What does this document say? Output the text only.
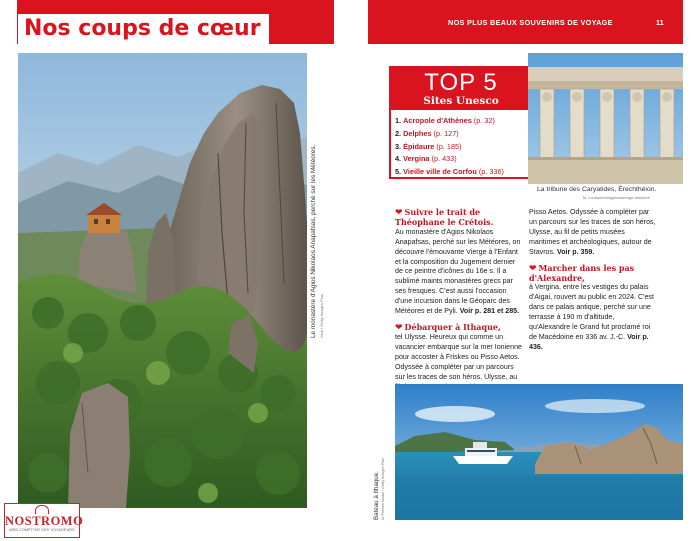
Nos coups de cœur
Le monastère d'Agios Nikolaos Anapafsas, perché sur les Météores. Nick / Getty Images Plus
NOSTROMO
WEB COMPTOIR DES VOYAGEURS
NOS PLUS BEAUX SOUVENIRS DE VOYAGE	11
TOP 5
Sites Unesco
1. Acropole d'Athènes (p. 32)
2. Delphes (p. 127)
3. Épidaure (p. 185)
4. Vergina (p. 433)
5. Vieille ville de Corfou (p. 336)
La tribune des Caryatides, Érechthéion.
M. Lomanov/Imagebroker/age fotostock
❤ Suivre le trait de Théophane le Crétois.
Au monastère d'Agios Nikolaos Anapafsas, perché sur les Météores, on découvre l'émouvante Vierge à l'Enfant et la composition du Jugement dernier de ce peintre d'icônes du 16e s. Il a sublimé maints monastères grecs par ses fresques. C'est aussi l'occasion d'une incursion dans le Géoparc des Météores et de Pyli. Voir p. 281 et 285.
❤ Débarquer à Ithaque,
tel Ulysse. Heureux qui comme un vacancier embarque sur la mer Ionienne pour accoster à Friskes ou Pisso Aetos. Odyssée à compléter par un parcours sur les traces de son héros, Ulysse, au
Pisso Aetos. Odyssée à compléter par un parcours sur les traces de son héros, Ulysse, au fil de petits musées maritimes et archéologiques, autour de Stavros. Voir p. 359.
❤ Marcher dans les pas d'Alexandre,
à Vergina, entre les vestiges du palais d'Aigai, rouvert au public en 2024. C'est dans ce palais antique, perché sur une terrasse à 190 m d'altitude, qu'Alexandre le Grand fut proclamé roi de Macédoine en 336 av. J.-C. Voir p. 436.
Bateau à Ithaque. AI Pereira Nadal / Getty Images Plus
